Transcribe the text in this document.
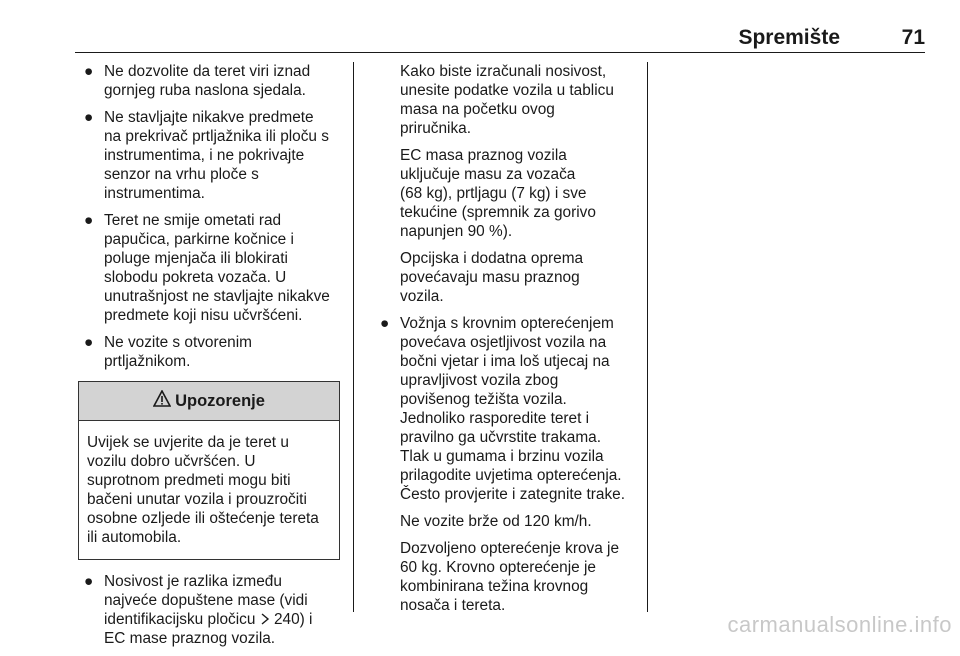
Spremište	71
● Ne dozvolite da teret viri iznad
gornjeg ruba naslona sjedala.
● Ne stavljajte nikakve predmete
na prekrivač prtljažnika ili ploču s
instrumentima, i ne pokrivajte
senzor na vrhu ploče s
instrumentima.
● Teret ne smije ometati rad
papučica, parkirne kočnice i
poluge mjenjača ili blokirati
slobodu pokreta vozača. U
unutrašnjost ne stavljajte nikakve
predmete koji nisu učvršćeni.
● Ne vozite s otvorenim
prtljažnikom.
Upozorenje
Uvijek se uvjerite da je teret u
vozilu dobro učvršćen. U
suprotnom predmeti mogu biti
bačeni unutar vozila i prouzročiti
osobne ozljede ili oštećenje tereta
ili automobila.
● Nosivost je razlika između
najveće dopuštene mase (vidi
identifikacijsku pločicu  240) i
EC mase praznog vozila.
Kako biste izračunali nosivost,
unesite podatke vozila u tablicu
masa na početku ovog
priručnika.
EC masa praznog vozila
uključuje masu za vozača
(68 kg), prtljagu (7 kg) i sve
tekućine (spremnik za gorivo
napunjen 90 %).
Opcijska i dodatna oprema
povećavaju masu praznog
vozila.
● Vožnja s krovnim opterećenjem
povećava osjetljivost vozila na
bočni vjetar i ima loš utjecaj na
upravljivost vozila zbog
povišenog težišta vozila.
Jednoliko rasporedite teret i
pravilno ga učvrstite trakama.
Tlak u gumama i brzinu vozila
prilagodite uvjetima opterećenja.
Često provjerite i zategnite trake.
Ne vozite brže od 120 km/h.
Dozvoljeno opterećenje krova je
60 kg. Krovno opterećenje je
kombinirana težina krovnog
nosača i tereta.
carmanualsonline.info
